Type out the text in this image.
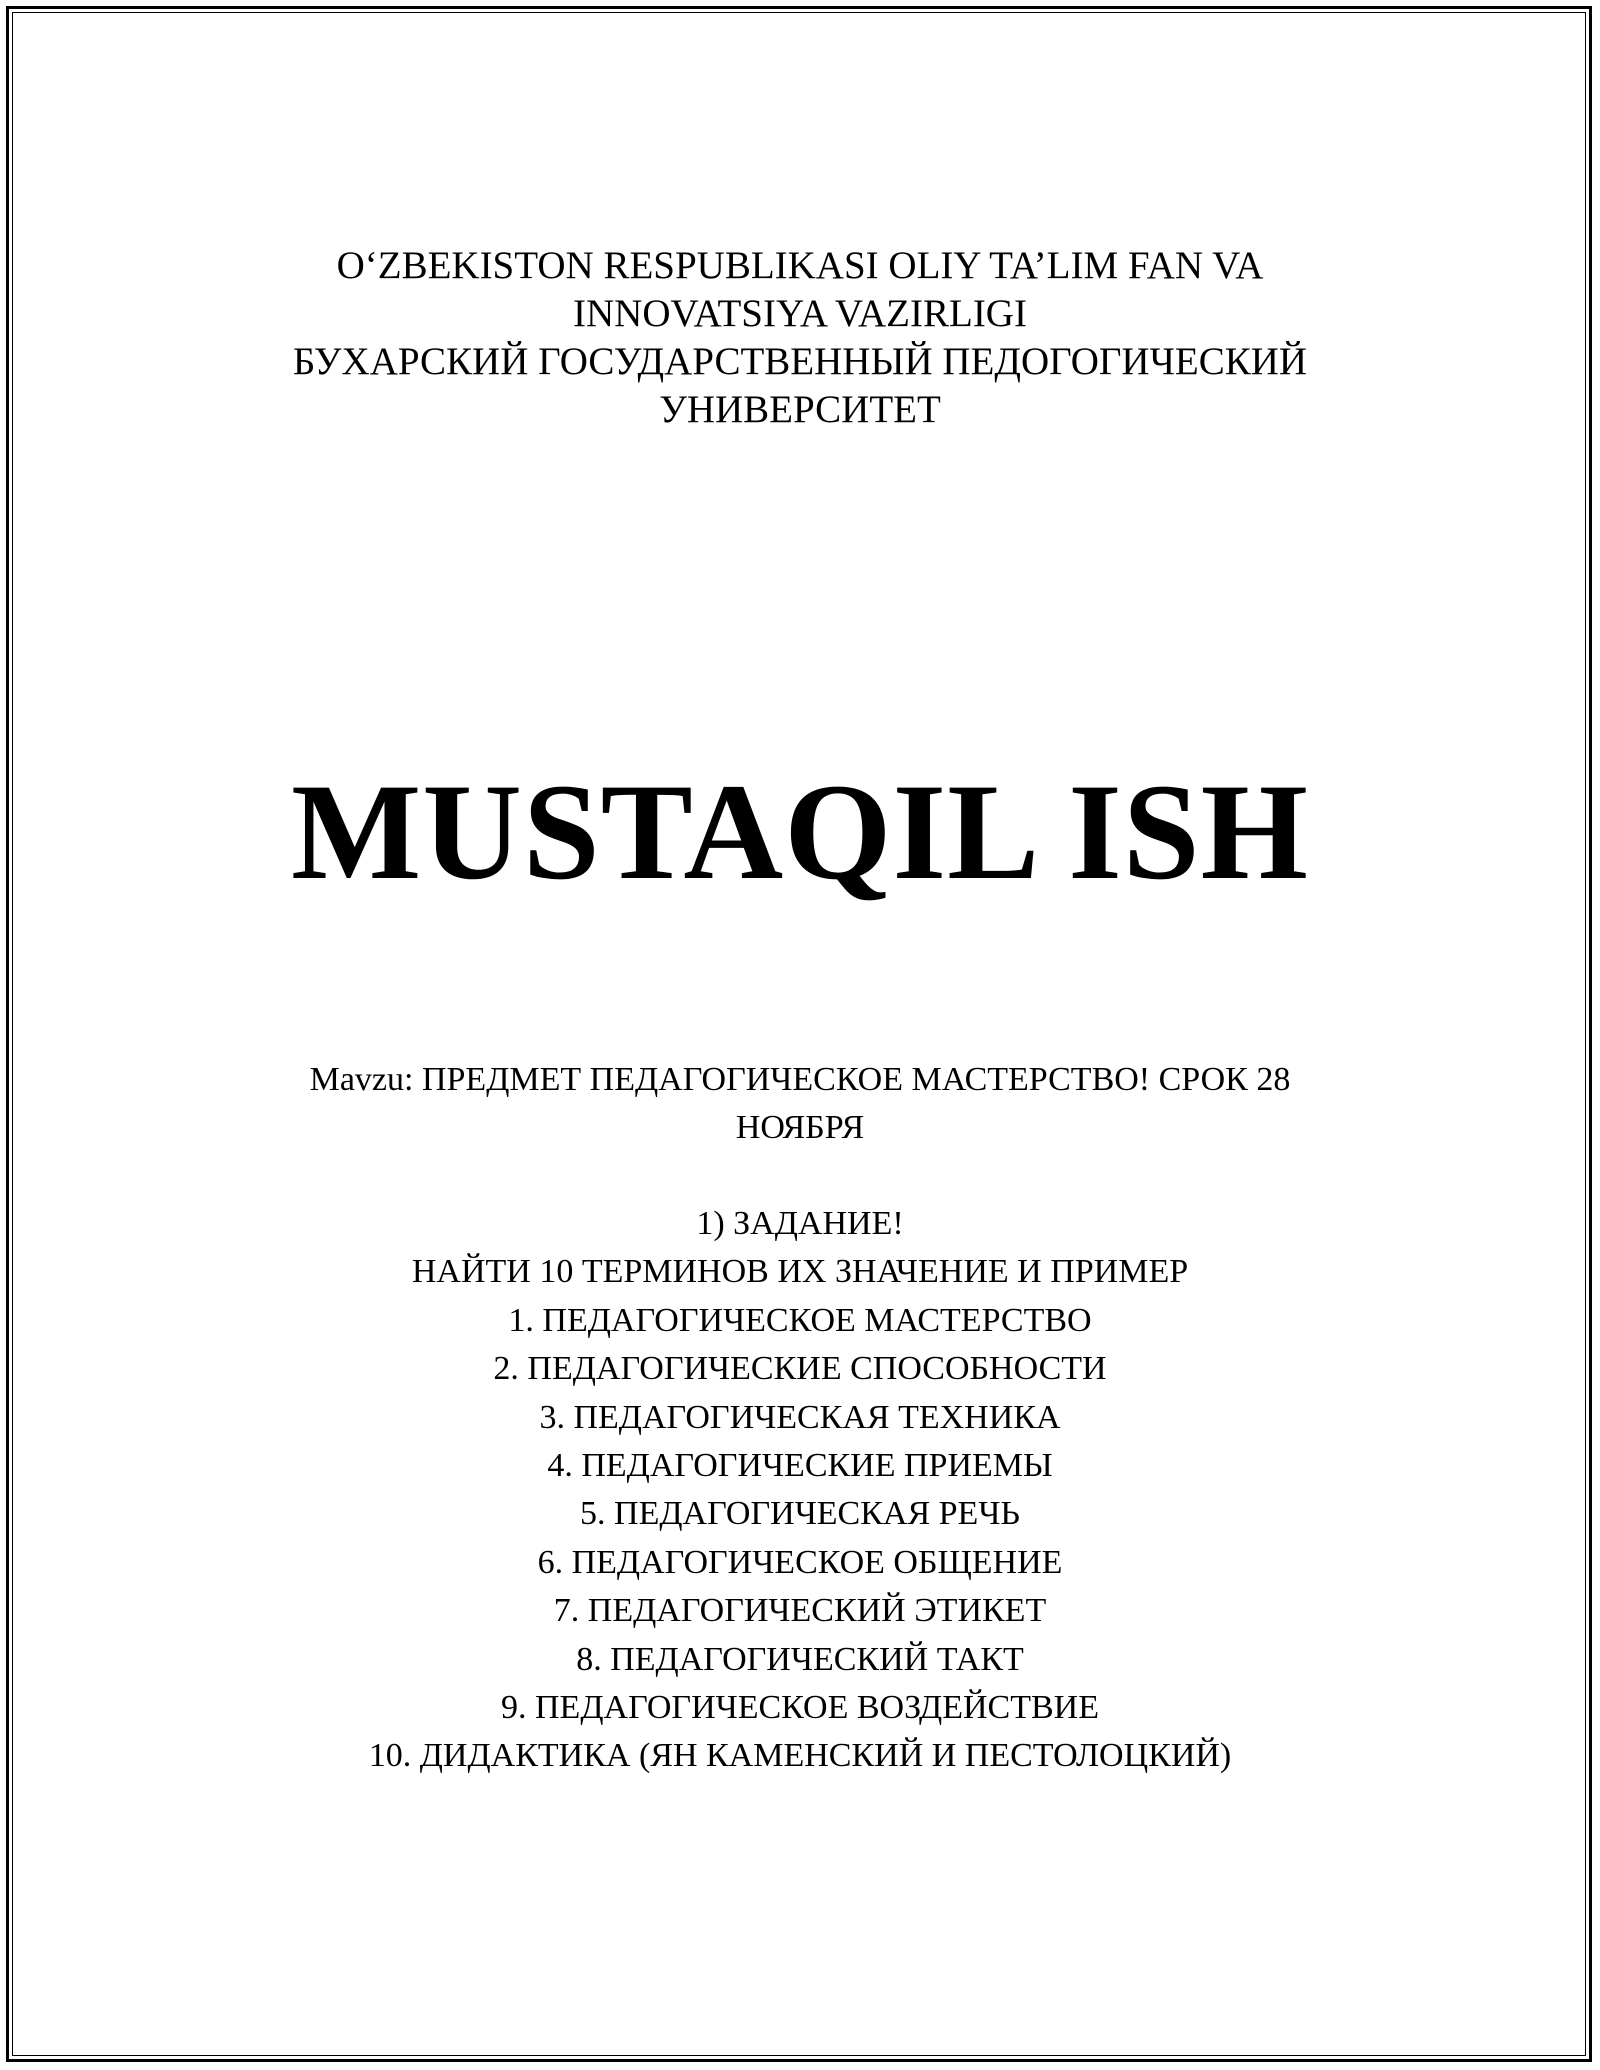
O‘ZBEKISTON RESPUBLIKASI OLIY TA’LIM FAN VA
INNOVATSIYA VAZIRLIGI
БУХАРСКИЙ ГОСУДАРСТВЕННЫЙ ПЕДОГОГИЧЕСКИЙ
УНИВЕРСИТЕТ
MUSTAQIL ISH
Mavzu: ПРЕДМЕТ ПЕДАГОГИЧЕСКОЕ МАСТЕРСТВО! СРОК 28
НОЯБРЯ
1) ЗАДАНИЕ!
НАЙТИ 10 ТЕРМИНОВ ИХ ЗНАЧЕНИЕ И ПРИМЕР
1. ПЕДАГОГИЧЕСКОЕ МАСТЕРСТВО
2. ПЕДАГОГИЧЕСКИЕ СПОСОБНОСТИ
3. ПЕДАГОГИЧЕСКАЯ ТЕХНИКА
4. ПЕДАГОГИЧЕСКИЕ ПРИЕМЫ
5. ПЕДАГОГИЧЕСКАЯ РЕЧЬ
6. ПЕДАГОГИЧЕСКОЕ ОБЩЕНИЕ
7. ПЕДАГОГИЧЕСКИЙ ЭТИКЕТ
8. ПЕДАГОГИЧЕСКИЙ ТАКТ
9. ПЕДАГОГИЧЕСКОЕ ВОЗДЕЙСТВИЕ
10. ДИДАКТИКА (ЯН КАМЕНСКИЙ И ПЕСТОЛОЦКИЙ)
